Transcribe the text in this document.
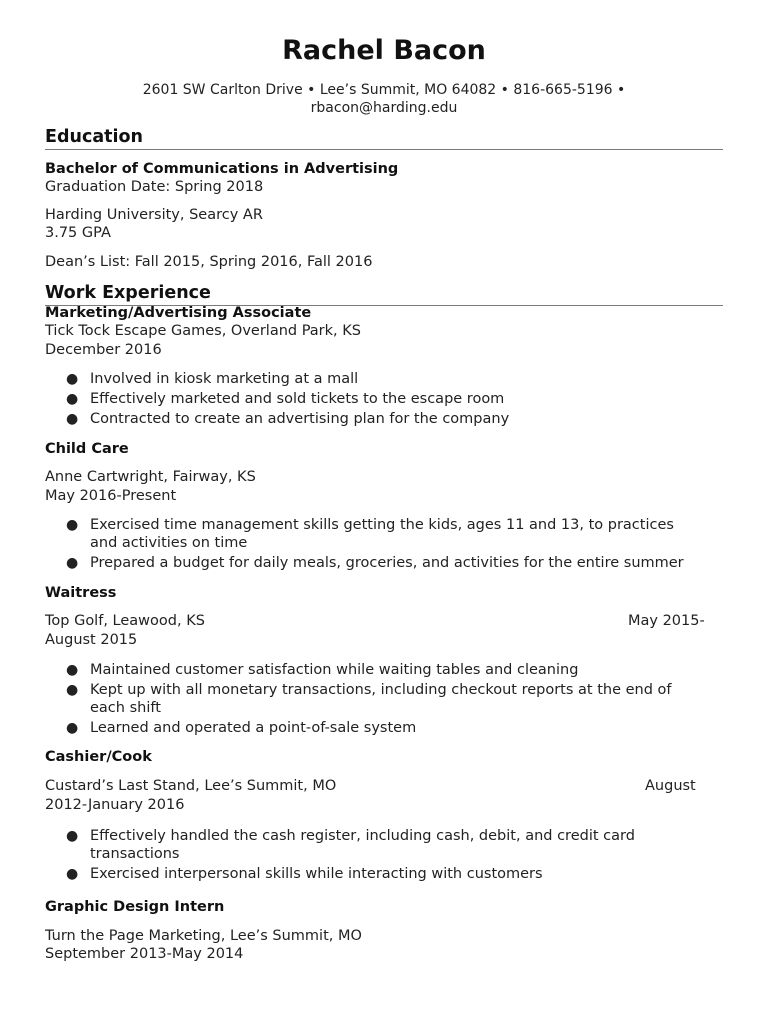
Rachel Bacon
2601 SW Carlton Drive • Lee’s Summit, MO 64082 • 816-665-5196 •
rbacon@harding.edu
Education
Bachelor of Communications in Advertising
Graduation Date: Spring 2018
Harding University, Searcy AR
3.75 GPA
Dean’s List: Fall 2015, Spring 2016, Fall 2016
Work Experience
Marketing/Advertising Associate
Tick Tock Escape Games, Overland Park, KS
December 2016
● Involved in kiosk marketing at a mall
● Effectively marketed and sold tickets to the escape room
● Contracted to create an advertising plan for the company
Child Care
Anne Cartwright, Fairway, KS
May 2016-Present
● Exercised time management skills getting the kids, ages 11 and 13, to practices and activities on time
● Prepared a budget for daily meals, groceries, and activities for the entire summer
Waitress
Top Golf, Leawood, KS	May 2015-
August 2015
● Maintained customer satisfaction while waiting tables and cleaning
● Kept up with all monetary transactions, including checkout reports at the end of each shift
● Learned and operated a point-of-sale system
Cashier/Cook
Custard’s Last Stand, Lee’s Summit, MO	August
2012-January 2016
● Effectively handled the cash register, including cash, debit, and credit card transactions
● Exercised interpersonal skills while interacting with customers
Graphic Design Intern
Turn the Page Marketing, Lee’s Summit, MO
September 2013-May 2014
